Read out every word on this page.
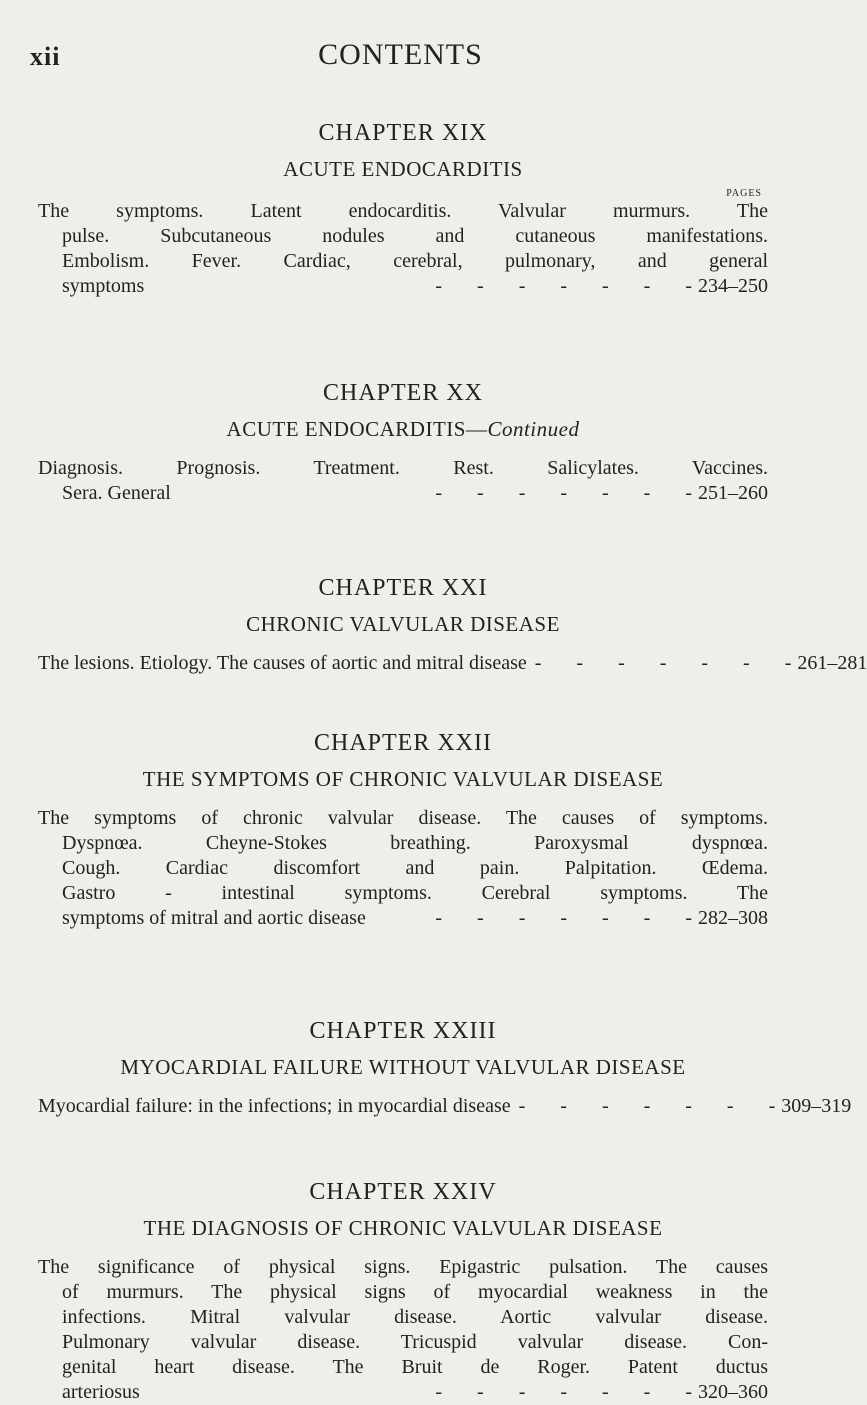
xii	CONTENTS
CHAPTER XIX
ACUTE ENDOCARDITIS
PAGES
The symptoms. Latent endocarditis. Valvular murmurs. The
pulse. Subcutaneous nodules and cutaneous manifestations.
Embolism. Fever. Cardiac, cerebral, pulmonary, and general
symptoms	-       -       -       -       -       -       - 234–250
CHAPTER XX
ACUTE ENDOCARDITIS—Continued
Diagnosis. Prognosis. Treatment. Rest. Salicylates. Vaccines.
Sera. General	-       -       -       -       -       -       - 251–260
CHAPTER XXI
CHRONIC VALVULAR DISEASE
The lesions. Etiology. The causes of aortic and mitral disease -       -       -       -       -       -       - 261–281
CHAPTER XXII
THE SYMPTOMS OF CHRONIC VALVULAR DISEASE
The symptoms of chronic valvular disease. The causes of symptoms.
Dyspnœa. Cheyne-Stokes breathing. Paroxysmal dyspnœa.
Cough. Cardiac discomfort and pain. Palpitation. Œdema.
Gastro - intestinal symptoms. Cerebral symptoms. The
symptoms of mitral and aortic disease	-       -       -       -       -       -       - 282–308
CHAPTER XXIII
MYOCARDIAL FAILURE WITHOUT VALVULAR DISEASE
Myocardial failure: in the infections; in myocardial disease -       -       -       -       -       -       - 309–319
CHAPTER XXIV
THE DIAGNOSIS OF CHRONIC VALVULAR DISEASE
The significance of physical signs. Epigastric pulsation. The causes
of murmurs. The physical signs of myocardial weakness in the
infections. Mitral valvular disease. Aortic valvular disease.
Pulmonary valvular disease. Tricuspid valvular disease. Con-
genital heart disease. The Bruit de Roger. Patent ductus
arteriosus	-       -       -       -       -       -       - 320–360
